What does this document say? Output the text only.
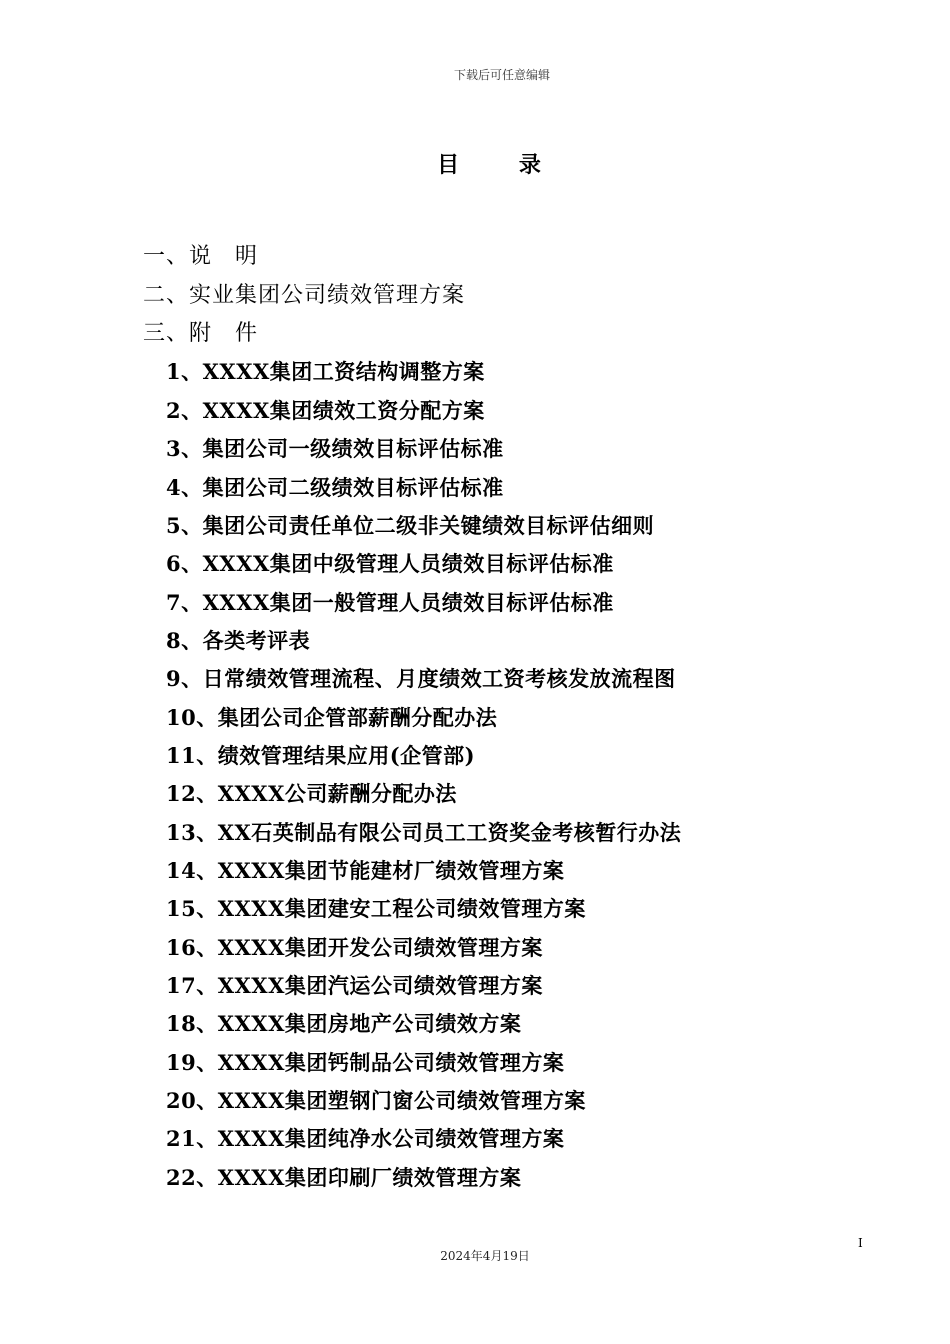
下载后可任意编辑
目 录
一、说　明
二、实业集团公司绩效管理方案
三、附　件
1、XXXX集团工资结构调整方案
2、XXXX集团绩效工资分配方案
3、集团公司一级绩效目标评估标准
4、集团公司二级绩效目标评估标准
5、集团公司责任单位二级非关键绩效目标评估细则
6、XXXX集团中级管理人员绩效目标评估标准
7、XXXX集团一般管理人员绩效目标评估标准
8、各类考评表
9、日常绩效管理流程、月度绩效工资考核发放流程图
10、集团公司企管部薪酬分配办法
11、绩效管理结果应用(企管部)
12、XXXX公司薪酬分配办法
13、XX石英制品有限公司员工工资奖金考核暂行办法
14、XXXX集团节能建材厂绩效管理方案
15、XXXX集团建安工程公司绩效管理方案
16、XXXX集团开发公司绩效管理方案
17、XXXX集团汽运公司绩效管理方案
18、XXXX集团房地产公司绩效方案
19、XXXX集团钙制品公司绩效管理方案
20、XXXX集团塑钢门窗公司绩效管理方案
21、XXXX集团纯净水公司绩效管理方案
22、XXXX集团印刷厂绩效管理方案
I
2024年4月19日
